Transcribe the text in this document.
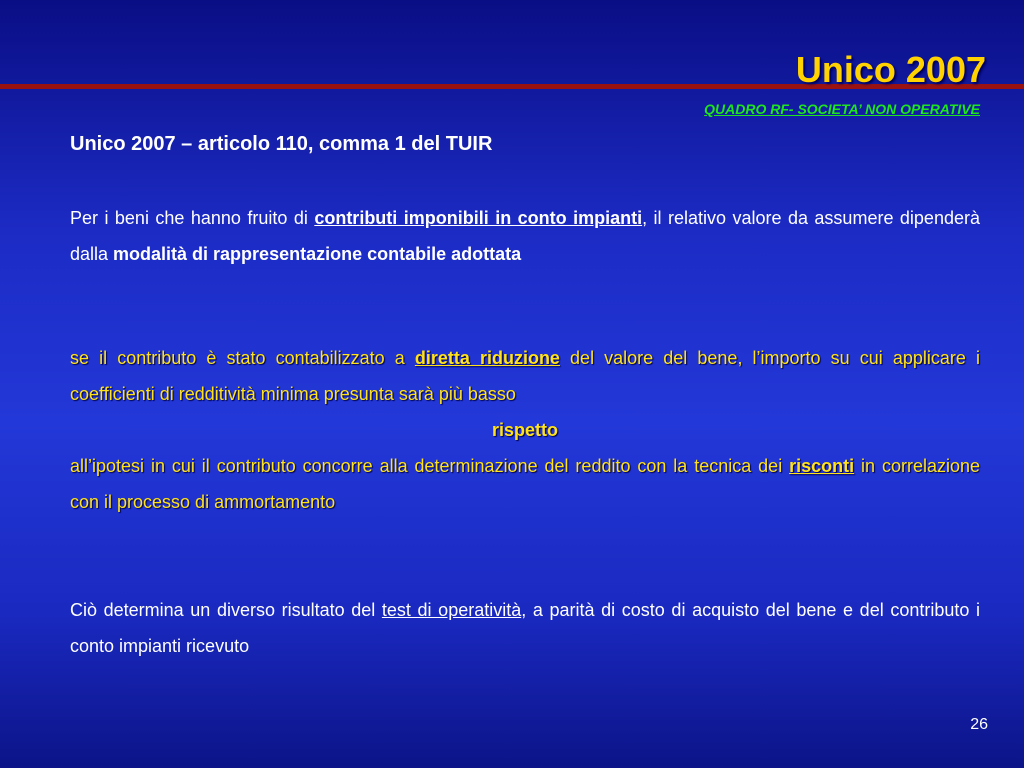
Unico 2007
QUADRO RF- SOCIETA’ NON OPERATIVE
Unico 2007 – articolo 110, comma 1 del TUIR
Per i beni che hanno fruito di contributi imponibili in conto impianti, il relativo valore da assumere dipenderà dalla modalità di rappresentazione contabile adottata
se il contributo è stato contabilizzato a diretta riduzione del valore del bene, l’importo su cui applicare i coefficienti di redditività minima presunta sarà più basso
rispetto
all’ipotesi in cui il contributo concorre alla determinazione del reddito con la tecnica dei risconti in correlazione con il processo di ammortamento
Ciò determina un diverso risultato del test di operatività, a parità di costo di acquisto del bene e del contributo i conto impianti ricevuto
26
